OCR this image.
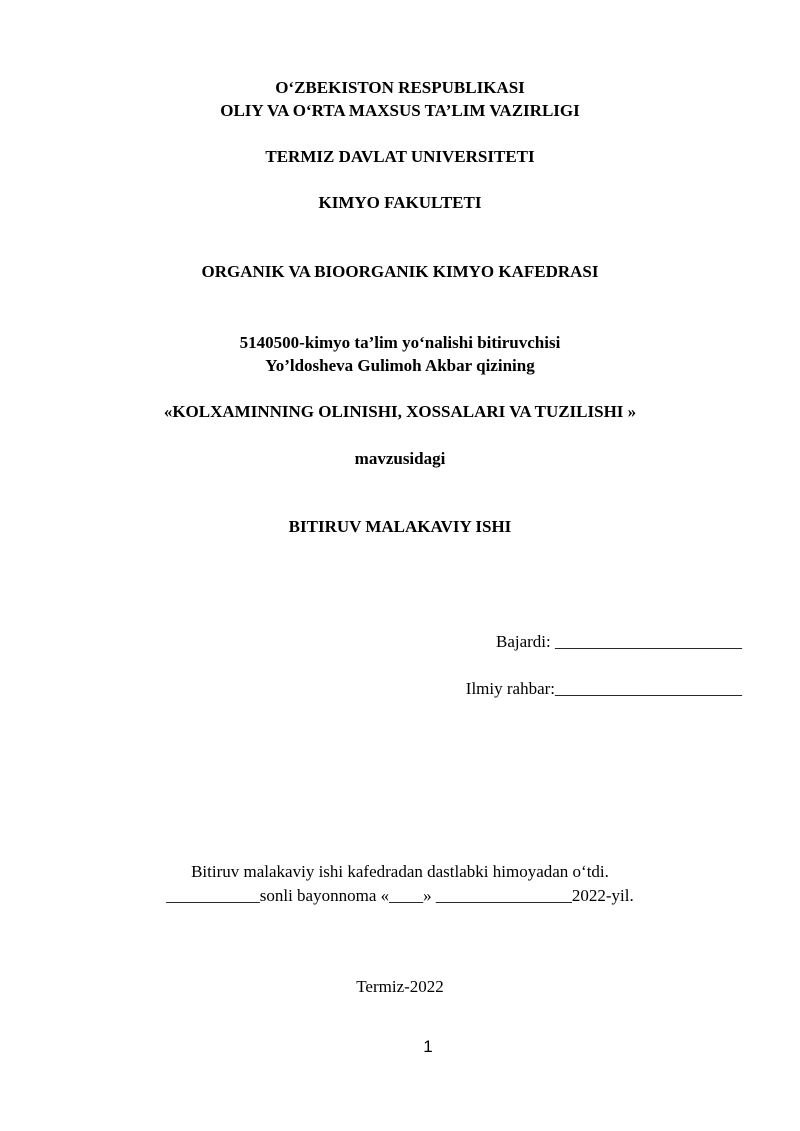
O‘ZBEKISTON RESPUBLIKASI
OLIY VA O‘RTA MAXSUS TA’LIM VAZIRLIGI
TERMIZ DAVLAT UNIVERSITETI
KIMYO FAKULTETI
ORGANIK VA BIOORGANIK KIMYO KAFEDRASI
5140500-kimyo ta’lim yo‘nalishi bitiruvchisi
Yo’ldosheva Gulimoh Akbar qizining
«KOLXAMINNING OLINISHI, XOSSALARI VA TUZILISHI »
mavzusidagi
BITIRUV MALAKAVIY ISHI
Bajardi: ______________________
Ilmiy rahbar:______________________
Bitiruv malakaviy ishi kafedradan dastlabki himoyadan o‘tdi.
___________sonli bayonnoma «____» ________________2022-yil.
Termiz-2022
1
